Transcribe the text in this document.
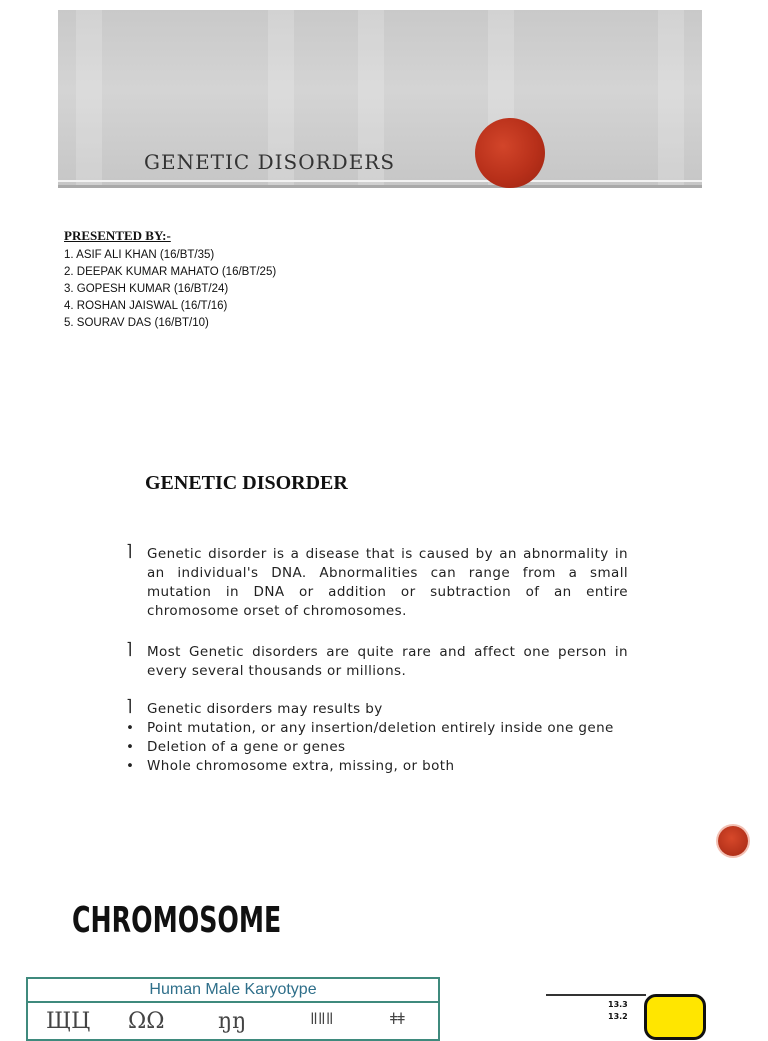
GENETIC DISORDERS
PRESENTED BY:-
1. ASIF ALI KHAN (16/BT/35)
2. DEEPAK KUMAR MAHATO (16/BT/25)
3. GOPESH KUMAR (16/BT/24)
4. ROSHAN JAISWAL (16/T/16)
5. SOURAV DAS (16/BT/10)
GENETIC DISORDER
⌉ Genetic disorder is a disease that is caused by an abnormality in an individual's DNA. Abnormalities can range from a small mutation in DNA or addition or subtraction of an entire chromosome orset of chromosomes.
⌉ Most Genetic disorders are quite rare and affect one person in every several thousands or millions.
⌉ Genetic disorders may results by
• Point mutation, or any insertion/deletion entirely inside one gene
• Deletion of a gene or genes
• Whole chromosome extra, missing, or both
CHROMOSOME
Human Male Karyotype
ЩЦ ΩΩ ŋŋ	ǁǁǁ	ǂǂ
13.3
13.2
